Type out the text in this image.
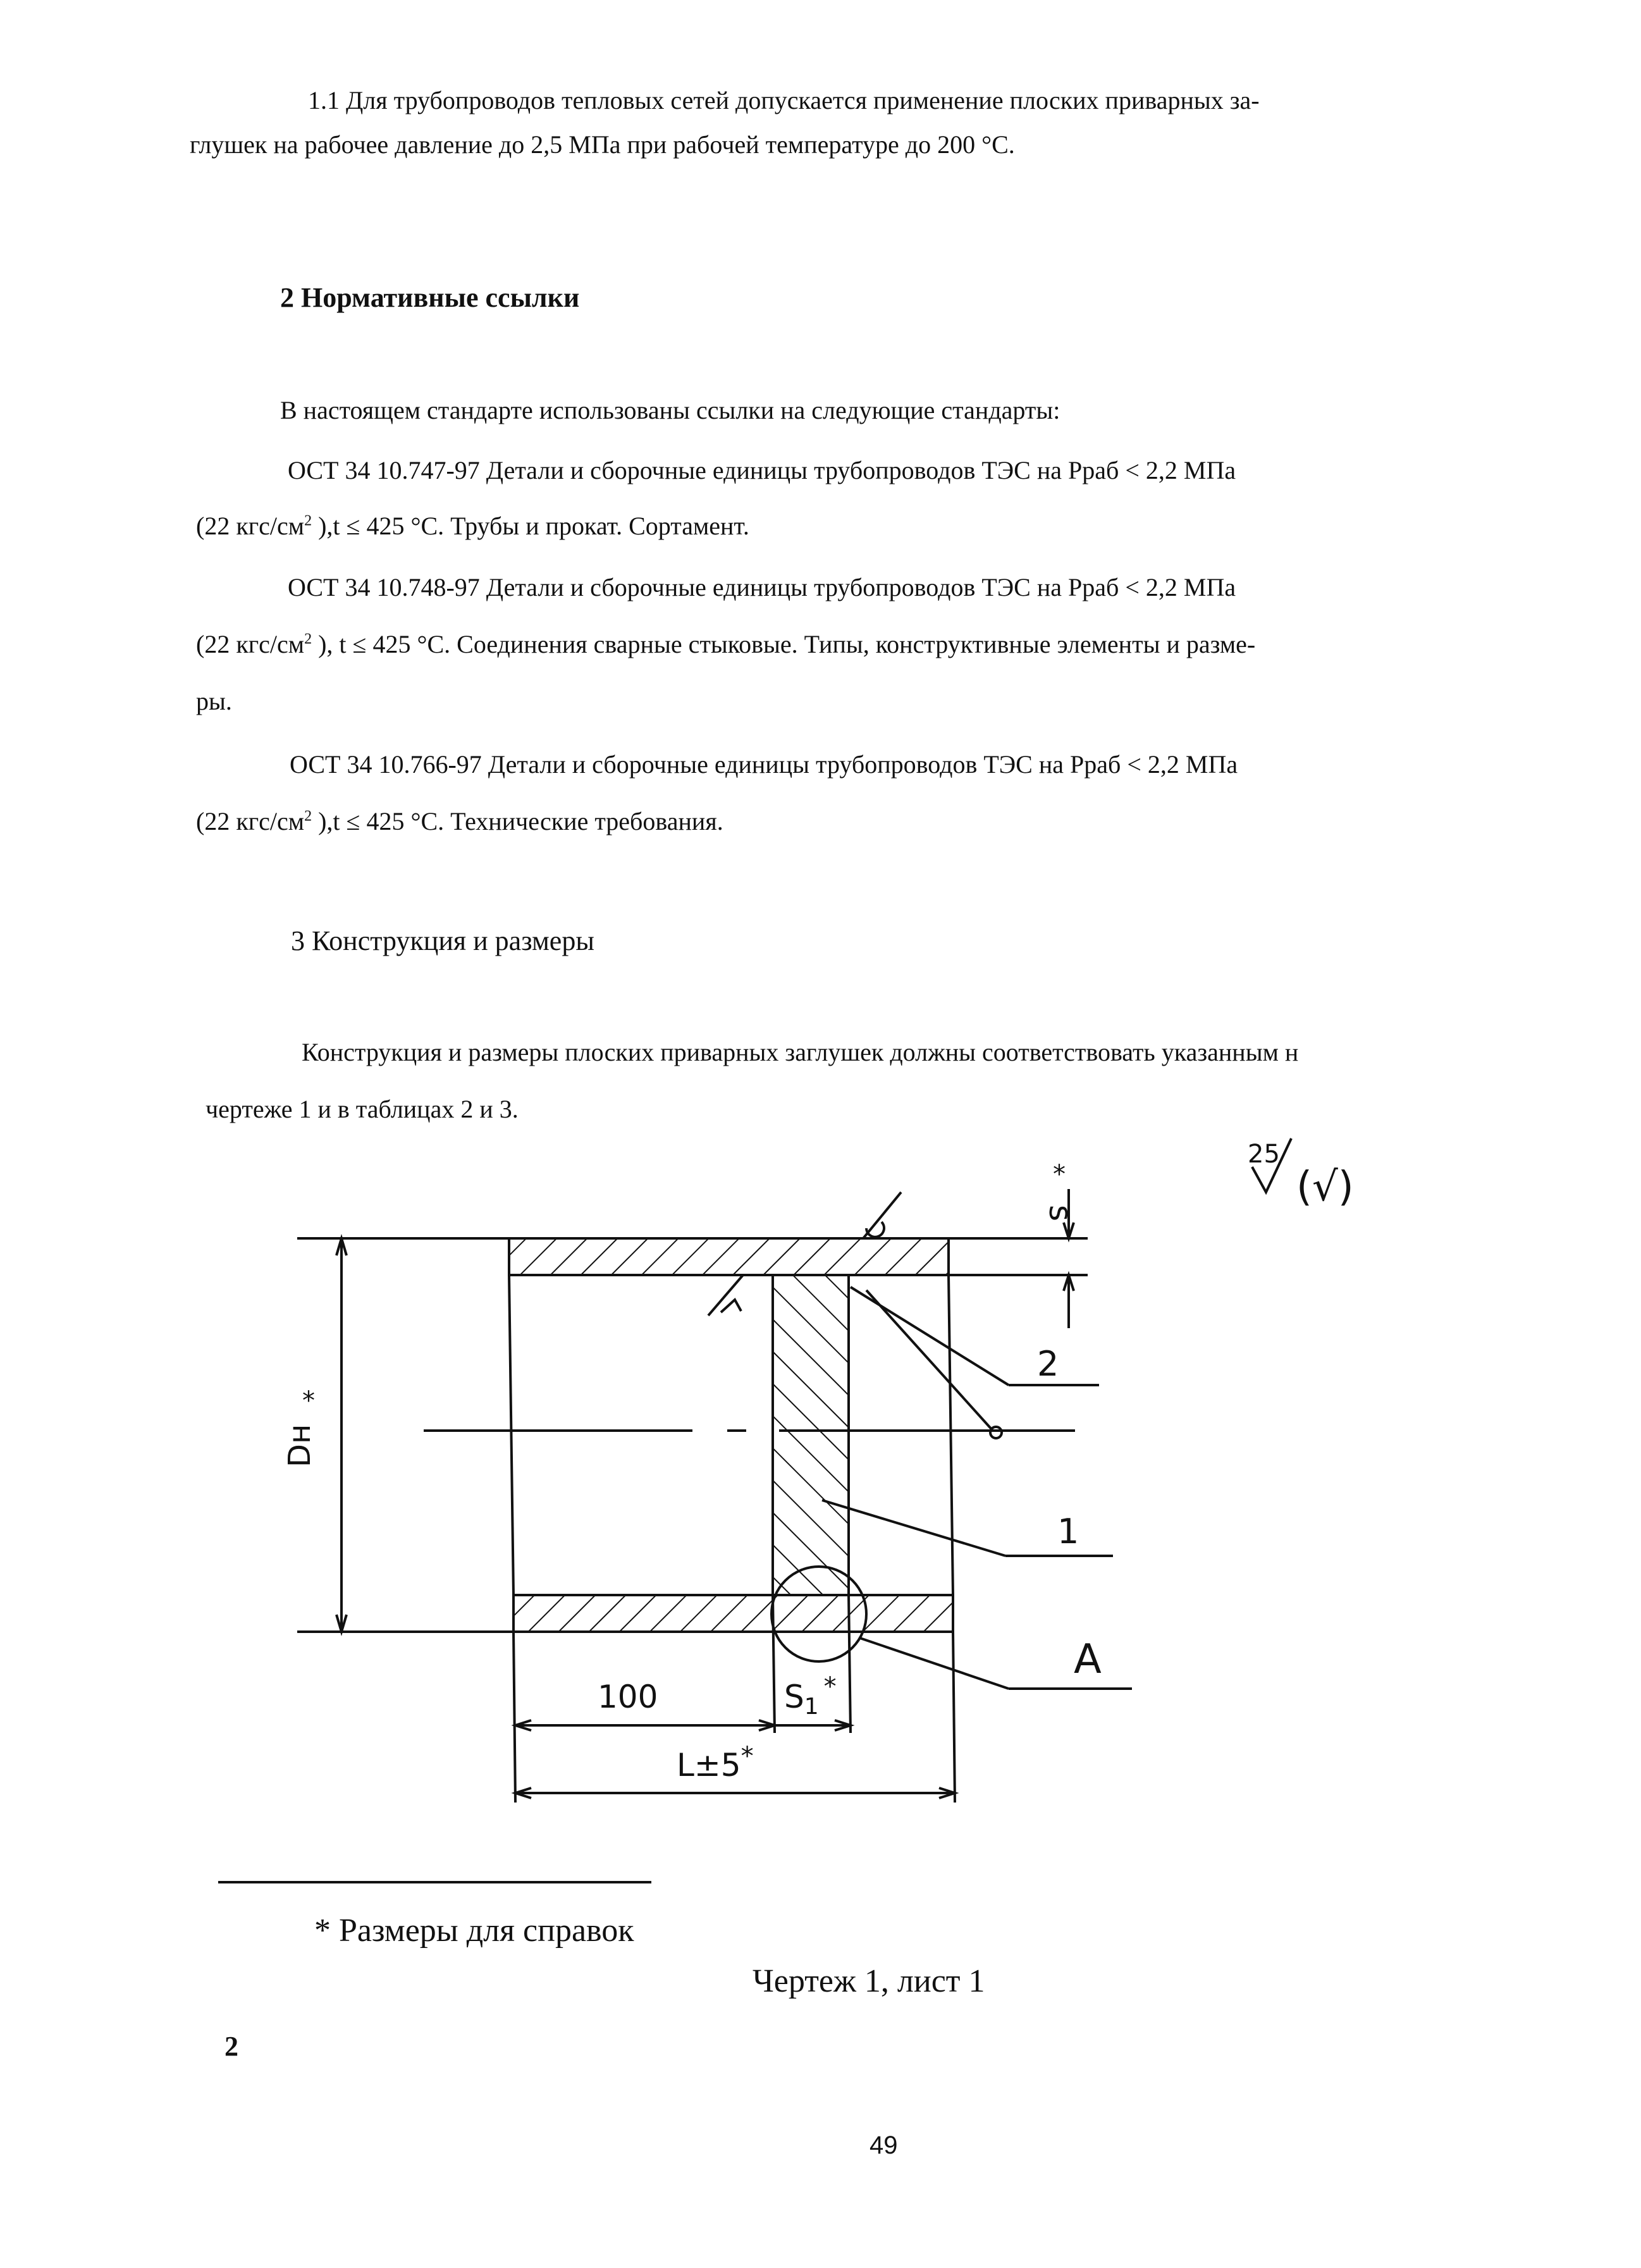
1.1 Для трубопроводов тепловых сетей допускается применение плоских приварных за-
глушек на рабочее давление до 2,5 МПа при рабочей температуре до 200 °С.
2 Нормативные ссылки
В настоящем стандарте использованы ссылки на следующие стандарты:
ОСТ 34 10.747-97 Детали и сборочные единицы трубопроводов ТЭС на Рраб < 2,2 МПа
(22 кгс/$см^2$ ),t ≤ 425 °С. Трубы и прокат. Сортамент.
ОСТ 34 10.748-97 Детали и сборочные единицы трубопроводов ТЭС на Рраб < 2,2 МПа
(22 кгс/$см^2$ ), t ≤ 425 °С. Соединения сварные стыковые. Типы, конструктивные элементы и разме-
ры.
ОСТ 34 10.766-97 Детали и сборочные единицы трубопроводов ТЭС на Рраб < 2,2 МПа
(22 кгс/$см^2$ ),t ≤ 425 °С. Технические требования.
3 Конструкция и размеры
Конструкция и размеры плоских приварных заглушек должны соответствовать указанным н
чертеже 1 и в таблицах 2 и 3.
25
(√)
s
*
Dн
*
2
1
A
100	$S_1^*$
L±5*
* Размеры для справок
Чертеж 1, лист 1
2
49
